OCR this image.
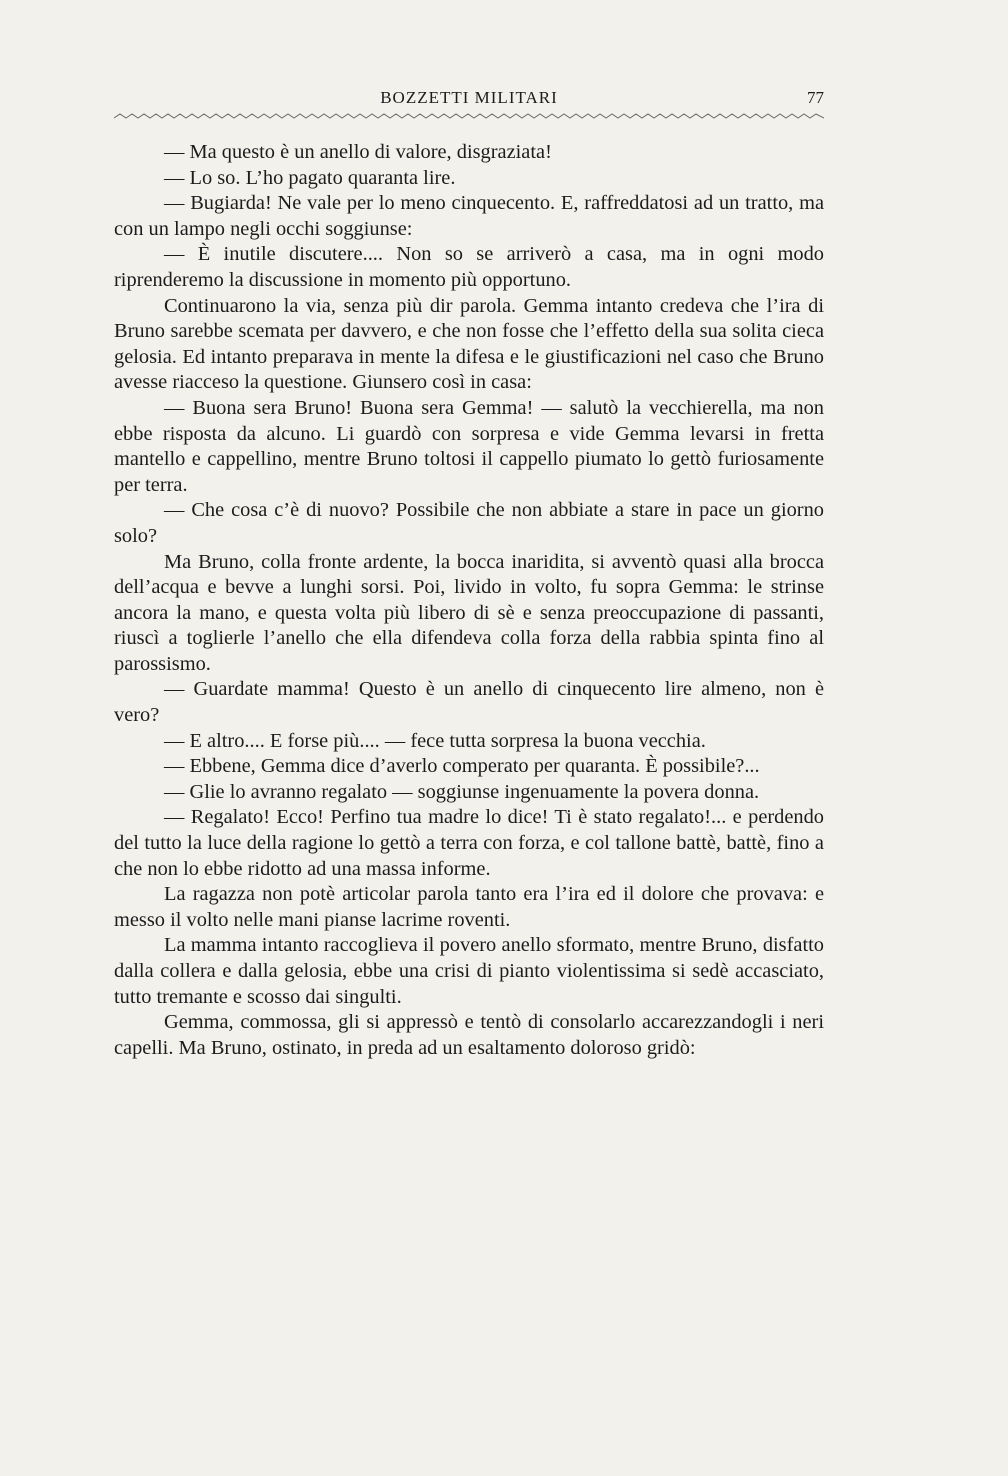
BOZZETTI MILITARI	77

— Ma questo è un anello di valore, disgraziata!

— Lo so. L’ho pagato quaranta lire.

— Bugiarda! Ne vale per lo meno cinquecento. E, raffreddatosi ad un tratto, ma con un lampo negli occhi soggiunse:

— È inutile discutere.... Non so se arriverò a casa, ma in ogni modo riprenderemo la discussione in momento più opportuno.

Continuarono la via, senza più dir parola. Gemma intanto credeva che l’ira di Bruno sarebbe scemata per davvero, e che non fosse che l’effetto della sua solita cieca gelosia. Ed intanto preparava in mente la difesa e le giustificazioni nel caso che Bruno avesse riacceso la questione. Giunsero così in casa:

— Buona sera Bruno! Buona sera Gemma! — salutò la vecchierella, ma non ebbe risposta da alcuno. Li guardò con sorpresa e vide Gemma levarsi in fretta mantello e cappellino, mentre Bruno toltosi il cappello piumato lo gettò furiosamente per terra.

— Che cosa c’è di nuovo? Possibile che non abbiate a stare in pace un giorno solo?

Ma Bruno, colla fronte ardente, la bocca inaridita, si avventò quasi alla brocca dell’acqua e bevve a lunghi sorsi. Poi, livido in volto, fu sopra Gemma: le strinse ancora la mano, e questa volta più libero di sè e senza preoccupazione di passanti, riuscì a toglierle l’anello che ella difendeva colla forza della rabbia spinta fino al parossismo.

— Guardate mamma! Questo è un anello di cinquecento lire almeno, non è vero?

— E altro.... E forse più.... — fece tutta sorpresa la buona vecchia.

— Ebbene, Gemma dice d’averlo comperato per quaranta. È possibile?...

— Glie lo avranno regalato — soggiunse ingenuamente la povera donna.

— Regalato! Ecco! Perfino tua madre lo dice! Ti è stato regalato!... e perdendo del tutto la luce della ragione lo gettò a terra con forza, e col tallone battè, battè, fino a che non lo ebbe ridotto ad una massa informe.

La ragazza non potè articolar parola tanto era l’ira ed il dolore che provava: e messo il volto nelle mani pianse lacrime roventi.

La mamma intanto raccoglieva il povero anello sformato, mentre Bruno, disfatto dalla collera e dalla gelosia, ebbe una crisi di pianto violentissima si sedè accasciato, tutto tremante e scosso dai singulti.

Gemma, commossa, gli si appressò e tentò di consolarlo accarezzandogli i neri capelli. Ma Bruno, ostinato, in preda ad un esaltamento doloroso gridò:
